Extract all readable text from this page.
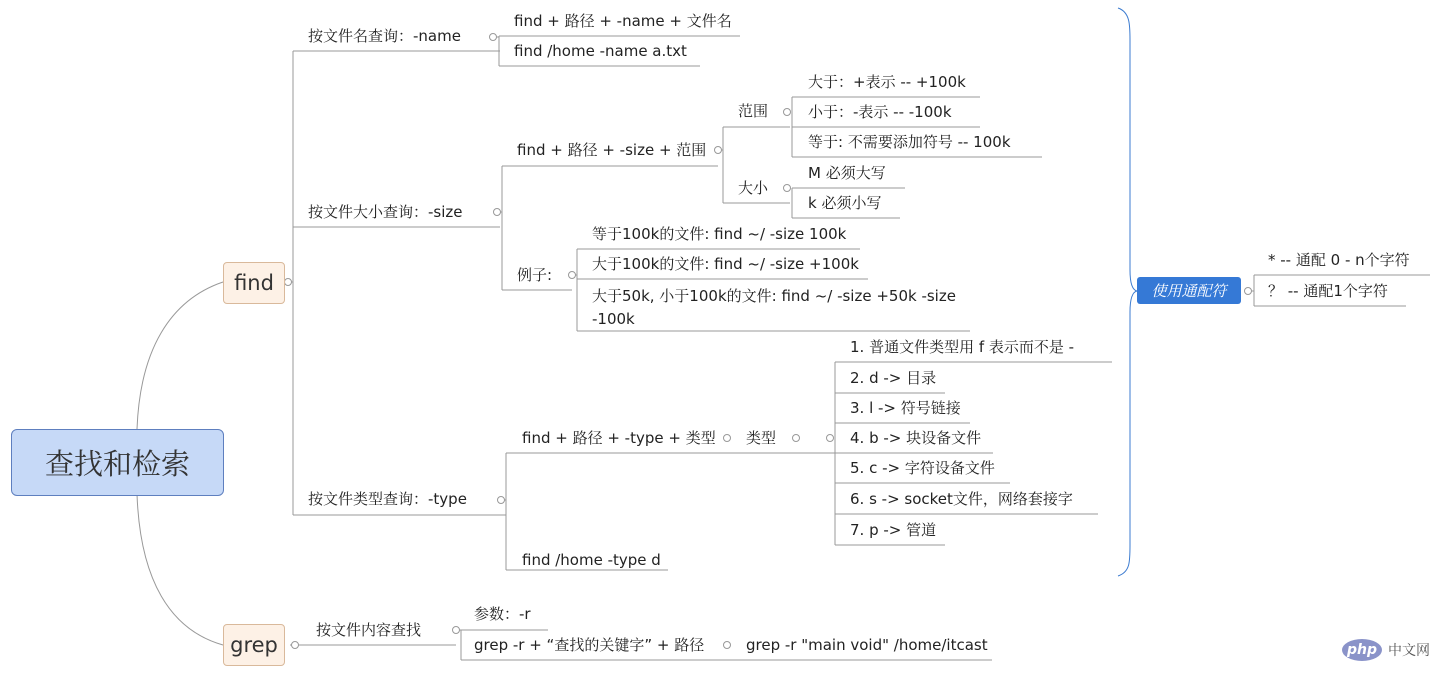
查找和检索
find
按文件名查询：-name
find + 路径 + -name + 文件名
find /home -name a.txt
按文件大小查询：-size
find + 路径 + -size + 范围
范围
大于：+表示 -- +100k
小于：-表示 -- -100k
等于: 不需要添加符号 -- 100k
大小
M 必须大写
k 必须小写
例子:
等于100k的文件: find ~/ -size 100k
大于100k的文件: find ~/ -size +100k
大于50k, 小于100k的文件: find ~/ -size +50k -size -100k
按文件类型查询：-type
find + 路径 + -type + 类型 类型
1. 普通文件类型用 f 表示而不是 -
2. d -> 目录
3. l -> 符号链接
4. b -> 块设备文件
5. c -> 字符设备文件
6. s -> socket文件，网络套接字
7. p -> 管道
find /home -type d
使用通配符
* -- 通配 0 - n个字符
？ -- 通配1个字符
grep
按文件内容查找
参数：-r
grep -r + “查找的关键字” + 路径	grep -r "main void" /home/itcast	php 中文网
